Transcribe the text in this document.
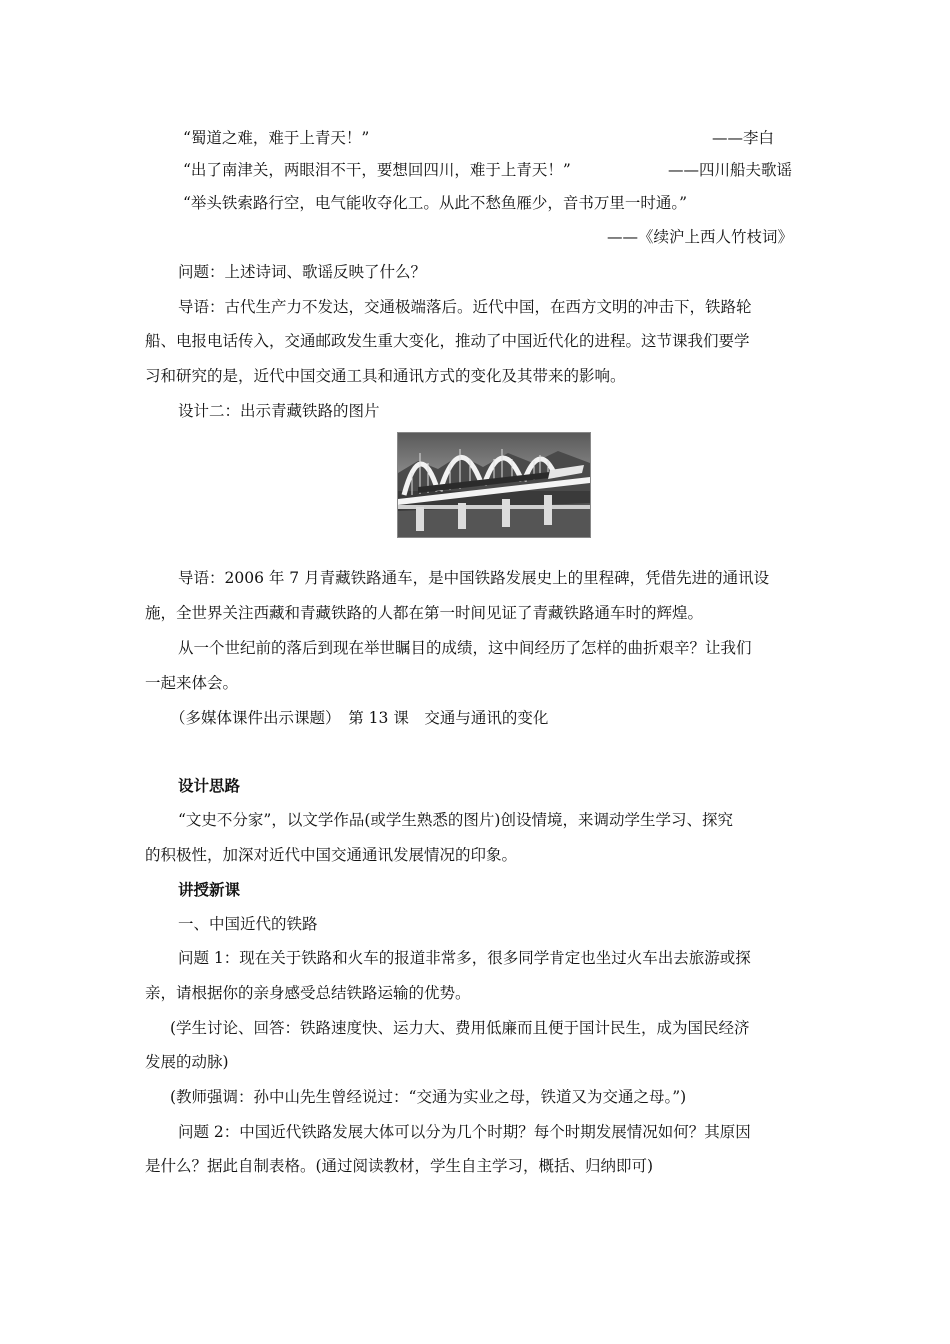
“蜀道之难，难于上青天！”	——李白
“出了南津关，两眼泪不干，要想回四川，难于上青天！”	——四川船夫歌谣
“举头铁索路行空，电气能收夺化工。从此不愁鱼雁少，音书万里一时通。”
——《续沪上西人竹枝词》
问题：上述诗词、歌谣反映了什么？
导语：古代生产力不发达，交通极端落后。近代中国，在西方文明的冲击下，铁路轮
船、电报电话传入，交通邮政发生重大变化，推动了中国近代化的进程。这节课我们要学
习和研究的是，近代中国交通工具和通讯方式的变化及其带来的影响。
设计二：出示青藏铁路的图片
导语：2006 年 7 月青藏铁路通车，是中国铁路发展史上的里程碑，凭借先进的通讯设
施，全世界关注西藏和青藏铁路的人都在第一时间见证了青藏铁路通车时的辉煌。
从一个世纪前的落后到现在举世瞩目的成绩，这中间经历了怎样的曲折艰辛？让我们
一起来体会。
（多媒体课件出示课题）　第 13 课　交通与通讯的变化
设计思路
“文史不分家”，以文学作品(或学生熟悉的图片)创设情境，来调动学生学习、探究
的积极性，加深对近代中国交通通讯发展情况的印象。
讲授新课
一、中国近代的铁路
问题 1：现在关于铁路和火车的报道非常多，很多同学肯定也坐过火车出去旅游或探
亲，请根据你的亲身感受总结铁路运输的优势。
(学生讨论、回答：铁路速度快、运力大、费用低廉而且便于国计民生，成为国民经济
发展的动脉)
(教师强调：孙中山先生曾经说过：“交通为实业之母，铁道又为交通之母。”)
问题 2：中国近代铁路发展大体可以分为几个时期？每个时期发展情况如何？其原因
是什么？据此自制表格。(通过阅读教材，学生自主学习，概括、归纳即可)
